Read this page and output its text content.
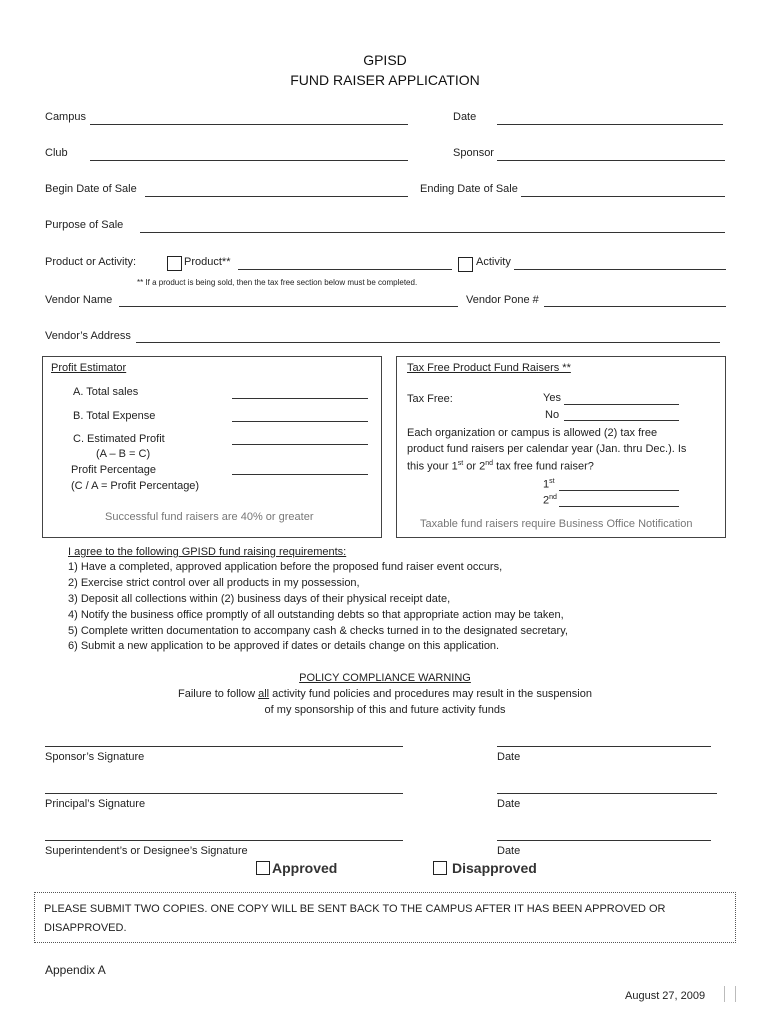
GPISD
FUND RAISER APPLICATION
Campus	Date
Club	Sponsor
Begin Date of Sale	Ending Date of Sale
Purpose of Sale
Product or Activity:	Product**	Activity
** If a product is being sold, then the tax free section below must be completed.
Vendor Name	Vendor Pone #
Vendor’s Address
Profit Estimator
A. Total sales
B. Total Expense
C. Estimated Profit
(A – B = C)
Profit Percentage
(C / A = Profit Percentage)
Successful fund raisers are 40% or greater
Tax Free Product Fund Raisers **
Tax Free:	Yes
No
Each organization or campus is allowed (2) tax free
product fund raisers per calendar year (Jan. thru Dec.). Is
this your 1st or 2nd tax free fund raiser?
1st
2nd
Taxable fund raisers require Business Office Notification
I agree to the following GPISD fund raising requirements:
1) Have a completed, approved application before the proposed fund raiser event occurs,
2) Exercise strict control over all products in my possession,
3) Deposit all collections within (2) business days of their physical receipt date,
4) Notify the business office promptly of all outstanding debts so that appropriate action may be taken,
5) Complete written documentation to accompany cash & checks turned in to the designated secretary,
6) Submit a new application to be approved if dates or details change on this application.
POLICY COMPLIANCE WARNING
Failure to follow all activity fund policies and procedures may result in the suspension
of my sponsorship of this and future activity funds
Sponsor’s Signature	Date
Principal’s Signature	Date
Superintendent’s or Designee’s Signature	Date
Approved	Disapproved
PLEASE SUBMIT TWO COPIES. ONE COPY WILL BE SENT BACK TO THE CAMPUS AFTER IT HAS BEEN APPROVED OR
DISAPPROVED.
Appendix A
August 27, 2009
